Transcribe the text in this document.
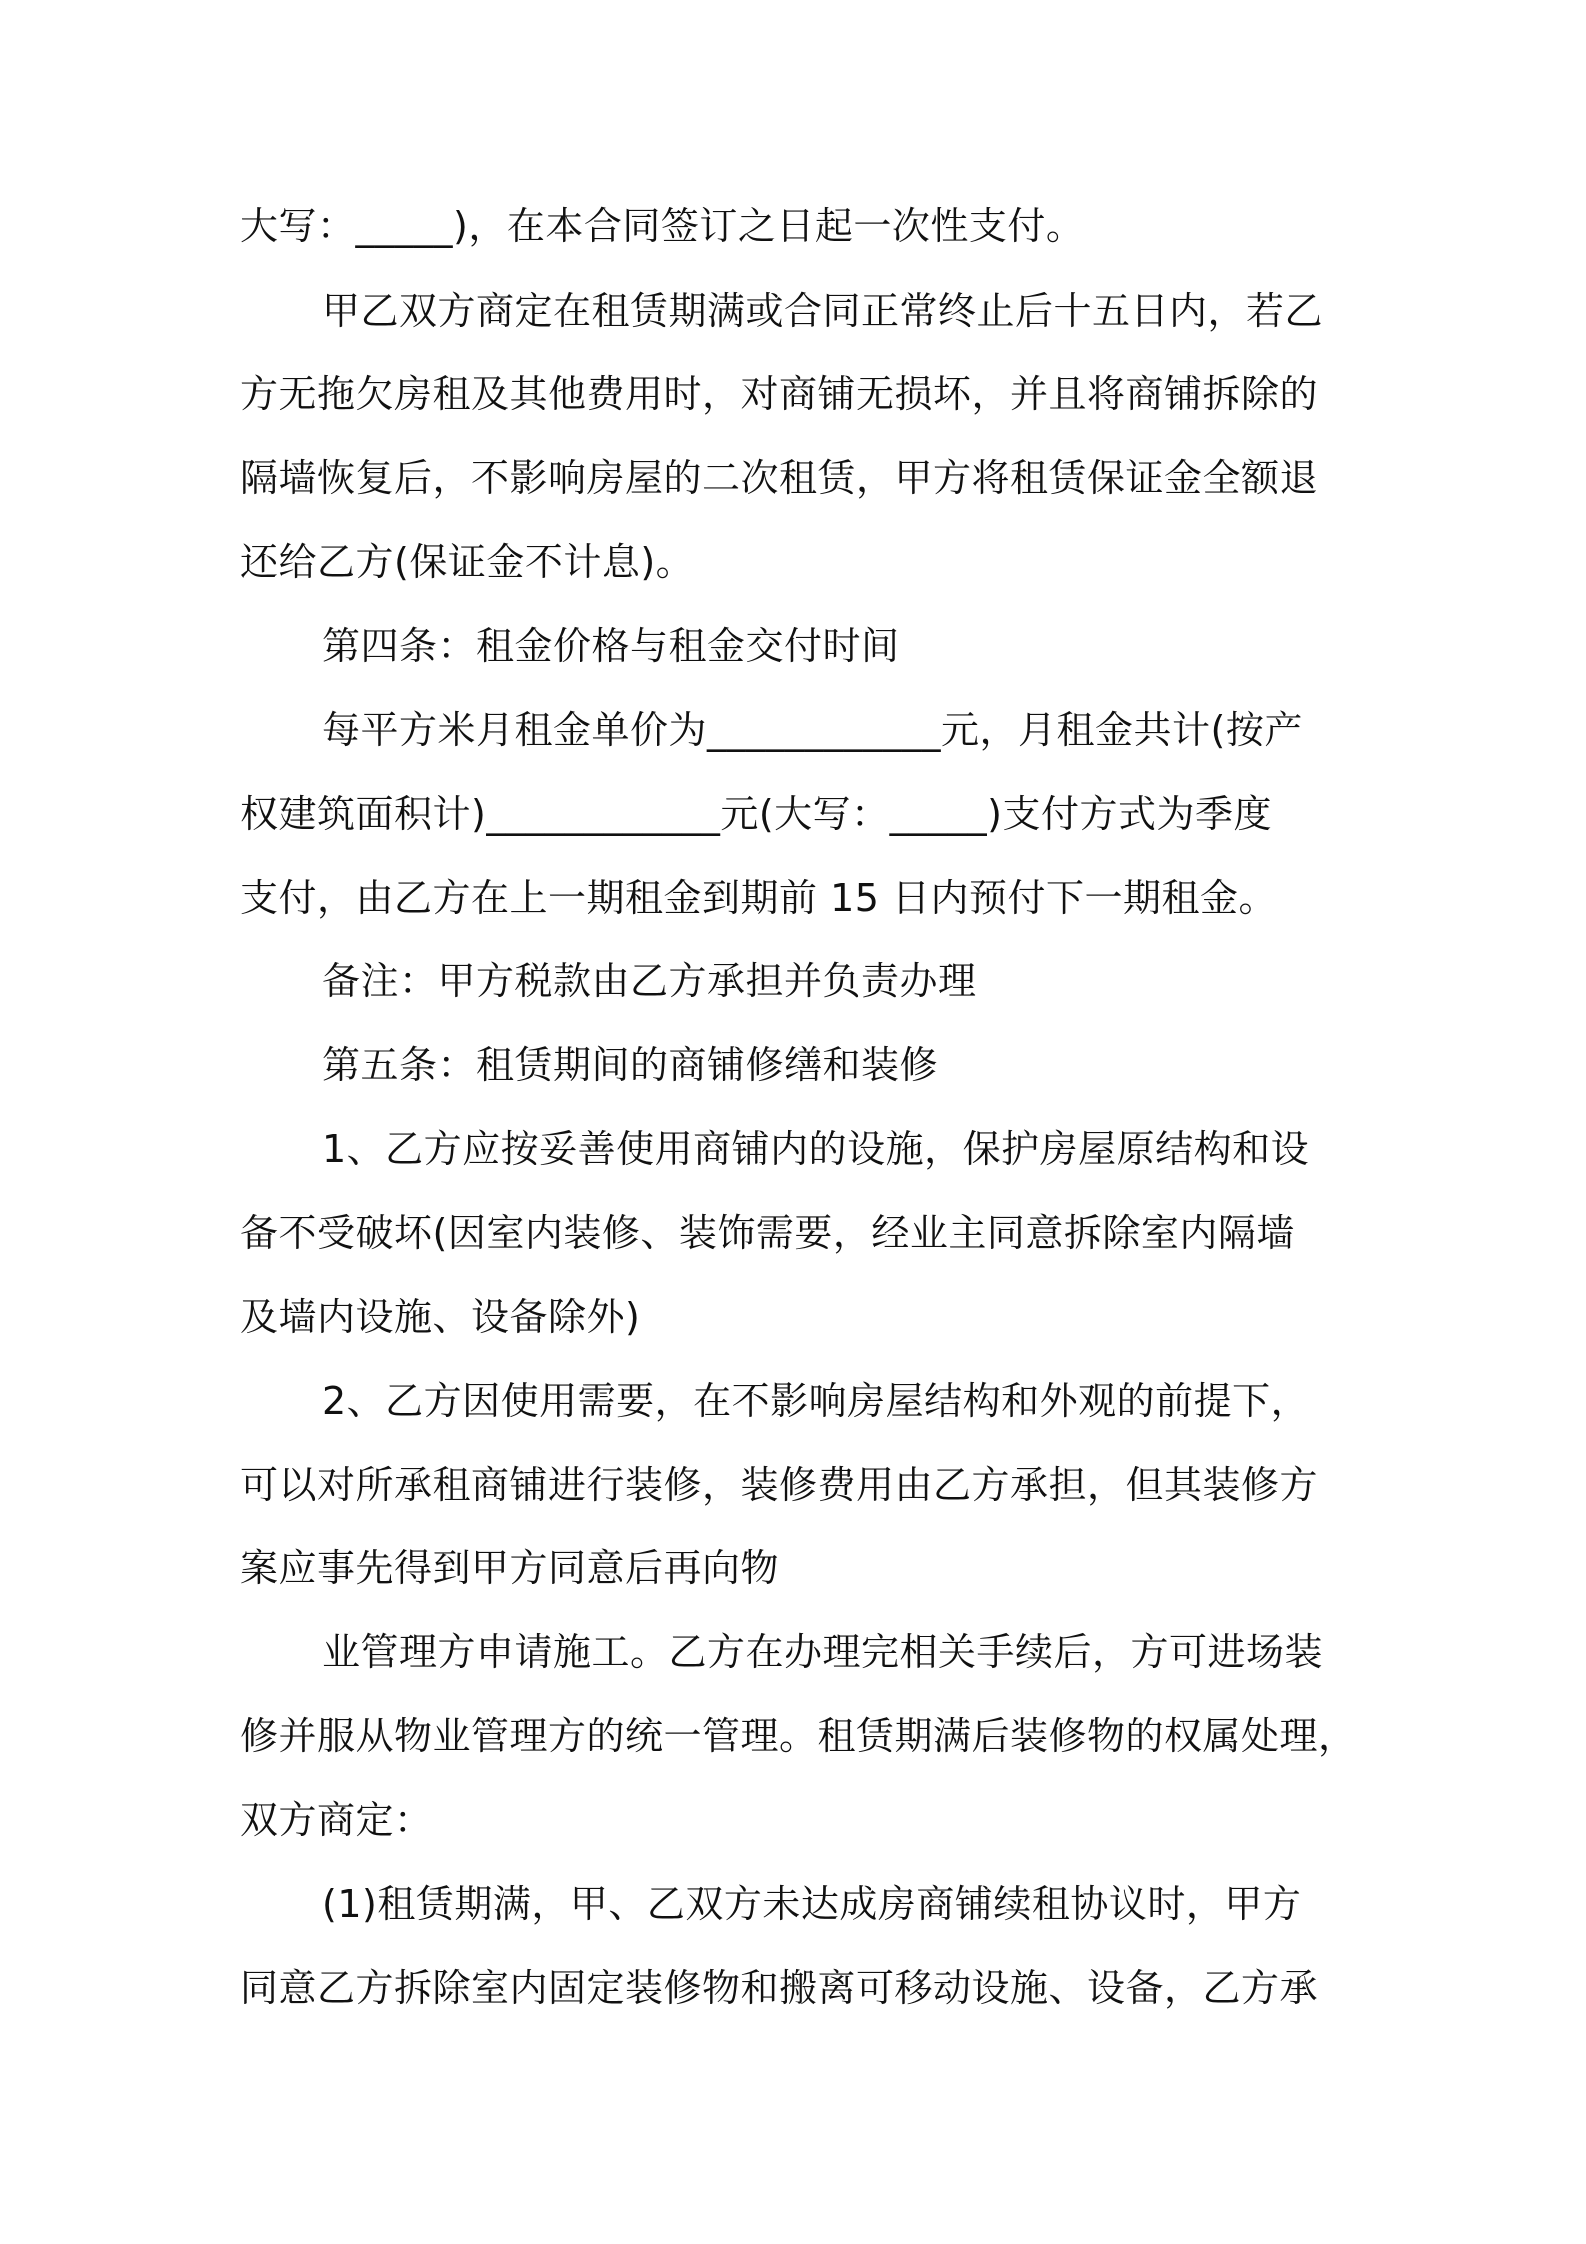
大写：_____)，在本合同签订之日起一次性支付。

甲乙双方商定在租赁期满或合同正常终止后十五日内，若乙

方无拖欠房租及其他费用时，对商铺无损坏，并且将商铺拆除的

隔墙恢复后，不影响房屋的二次租赁，甲方将租赁保证金全额退

还给乙方(保证金不计息)。

第四条：租金价格与租金交付时间

每平方米月租金单价为____________元，月租金共计(按产

权建筑面积计)____________元(大写：_____)支付方式为季度

支付，由乙方在上一期租金到期前 15 日内预付下一期租金。

备注：甲方税款由乙方承担并负责办理

第五条：租赁期间的商铺修缮和装修

1、乙方应按妥善使用商铺内的设施，保护房屋原结构和设

备不受破坏(因室内装修、装饰需要，经业主同意拆除室内隔墙

及墙内设施、设备除外)

2、乙方因使用需要，在不影响房屋结构和外观的前提下，

可以对所承租商铺进行装修，装修费用由乙方承担，但其装修方

案应事先得到甲方同意后再向物

业管理方申请施工。乙方在办理完相关手续后，方可进场装

修并服从物业管理方的统一管理。租赁期满后装修物的权属处理，

双方商定：

(1)租赁期满，甲、乙双方未达成房商铺续租协议时，甲方

同意乙方拆除室内固定装修物和搬离可移动设施、设备，乙方承
